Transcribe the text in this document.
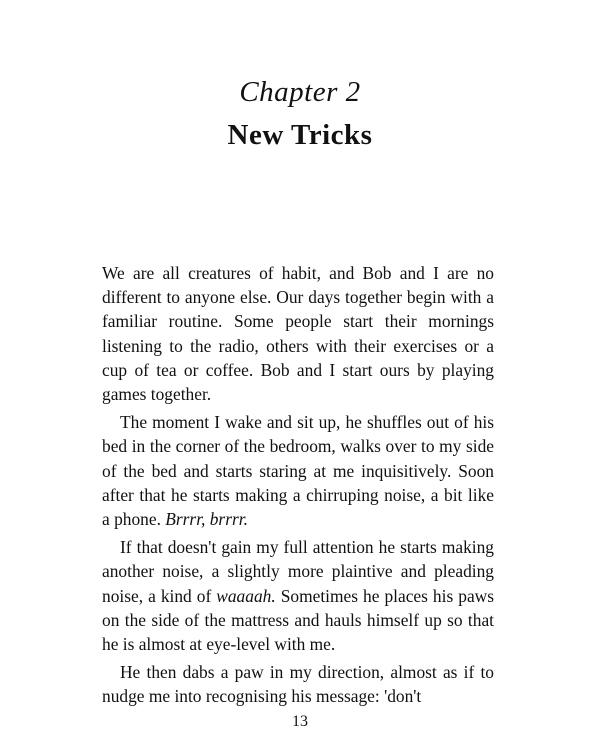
Chapter 2
New Tricks

We are all creatures of habit, and Bob and I are no different to anyone else. Our days together begin with a familiar routine. Some people start their mornings listening to the radio, others with their exercises or a cup of tea or coffee. Bob and I start ours by playing games together.

The moment I wake and sit up, he shuffles out of his bed in the corner of the bedroom, walks over to my side of the bed and starts staring at me inquisitively. Soon after that he starts making a chirruping noise, a bit like a phone. Brrrr, brrrr.

If that doesn't gain my full attention he starts making another noise, a slightly more plaintive and pleading noise, a kind of waaaah. Sometimes he places his paws on the side of the mattress and hauls himself up so that he is almost at eye-level with me.

He then dabs a paw in my direction, almost as if to nudge me into recognising his message: 'don't

13
